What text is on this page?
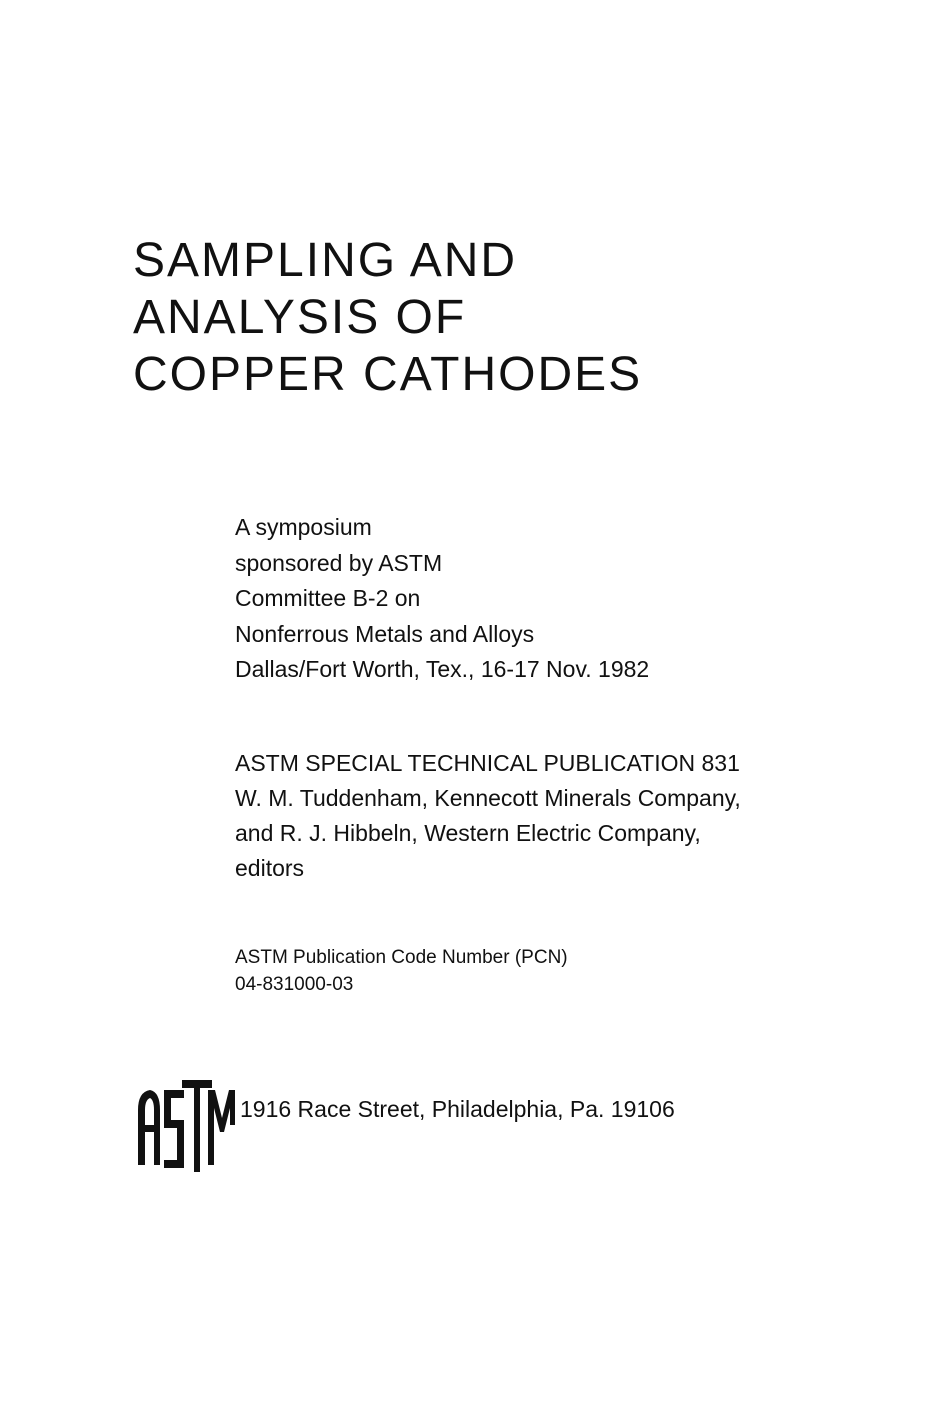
SAMPLING AND
ANALYSIS OF
COPPER CATHODES
A symposium
sponsored by ASTM
Committee B-2 on
Nonferrous Metals and Alloys
Dallas/Fort Worth, Tex., 16-17 Nov. 1982
ASTM SPECIAL TECHNICAL PUBLICATION 831
W. M. Tuddenham, Kennecott Minerals Company,
and R. J. Hibbeln, Western Electric Company,
editors
ASTM Publication Code Number (PCN)
04-831000-03
1916 Race Street, Philadelphia, Pa. 19106
